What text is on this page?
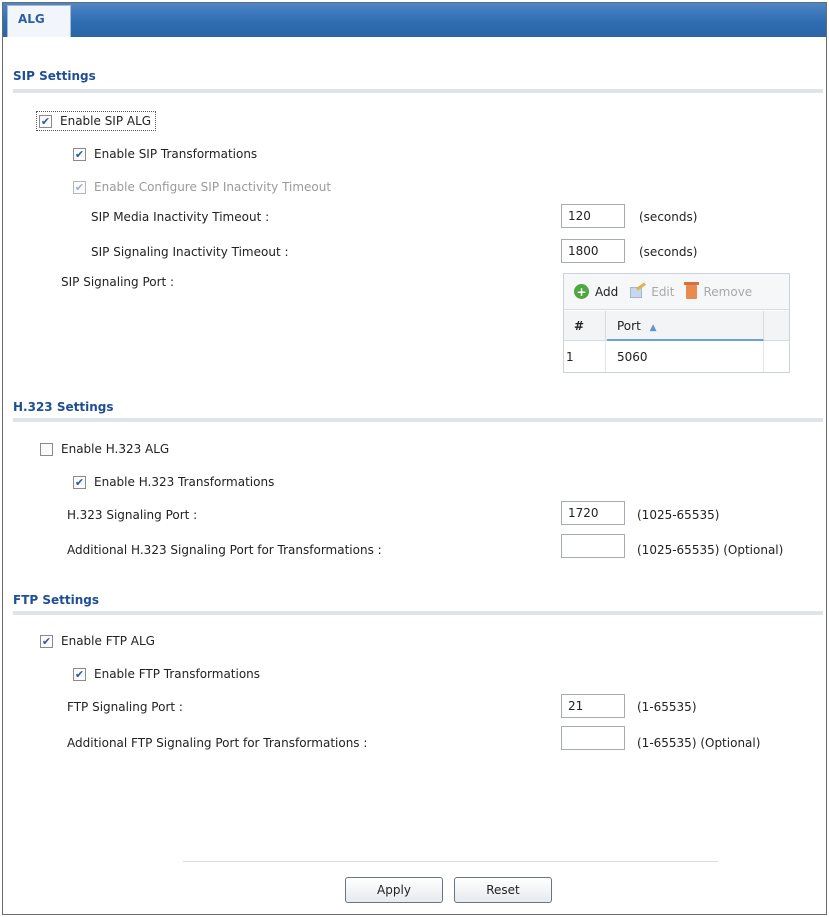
ALG
SIP Settings
✔ Enable SIP ALG
✔ Enable SIP Transformations
✔ Enable Configure SIP Inactivity Timeout
SIP Media Inactivity Timeout :
120	(seconds)
SIP Signaling Inactivity Timeout :
1800	(seconds)
SIP Signaling Port :
+ Add	Edit Remove
#	Port ▲
1	5060
H.323 Settings
Enable H.323 ALG
✔ Enable H.323 Transformations
H.323 Signaling Port :
1720	(1025-65535)
Additional H.323 Signaling Port for Transformations :	(1025-65535) (Optional)
FTP Settings
✔ Enable FTP ALG
✔ Enable FTP Transformations
FTP Signaling Port :
21	(1-65535)
Additional FTP Signaling Port for Transformations :	(1-65535) (Optional)
Apply	Reset
